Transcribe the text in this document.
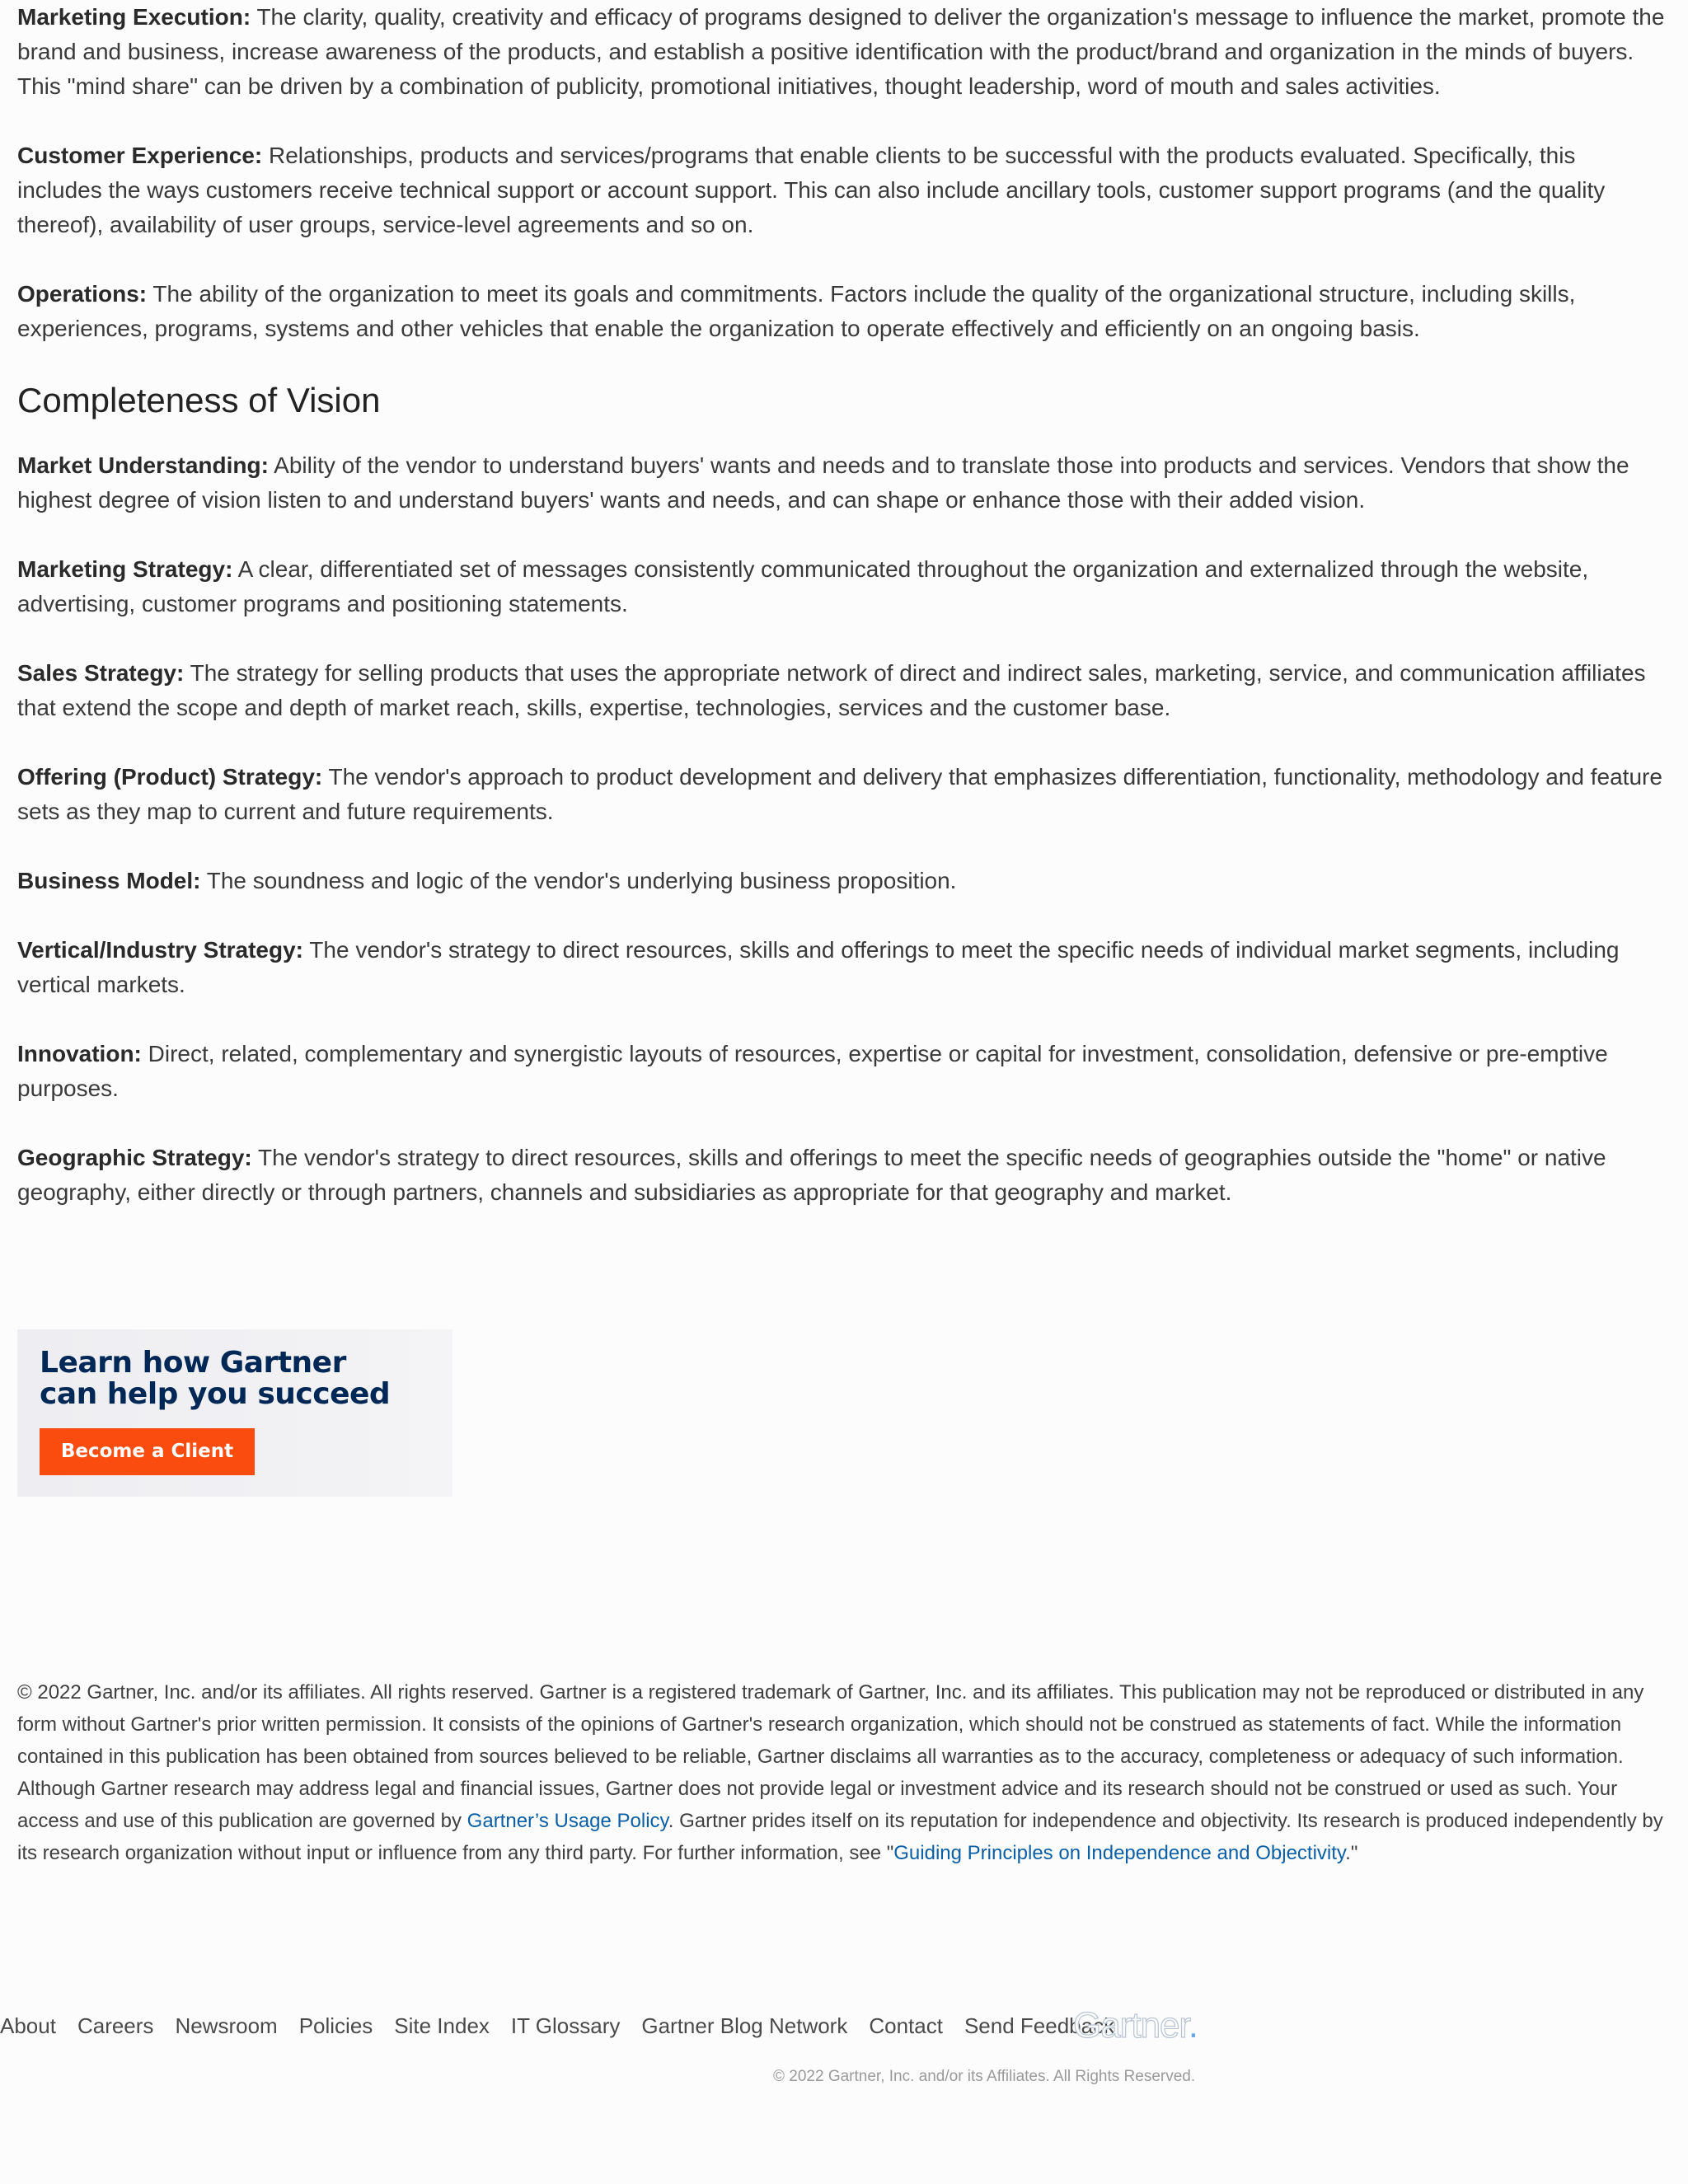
Marketing Execution: The clarity, quality, creativity and efficacy of programs designed to deliver the organization's message to influence the market, promote the brand and business, increase awareness of the products, and establish a positive identification with the product/brand and organization in the minds of buyers. This "mind share" can be driven by a combination of publicity, promotional initiatives, thought leadership, word of mouth and sales activities.

Customer Experience: Relationships, products and services/programs that enable clients to be successful with the products evaluated. Specifically, this includes the ways customers receive technical support or account support. This can also include ancillary tools, customer support programs (and the quality thereof), availability of user groups, service-level agreements and so on.

Operations: The ability of the organization to meet its goals and commitments. Factors include the quality of the organizational structure, including skills, experiences, programs, systems and other vehicles that enable the organization to operate effectively and efficiently on an ongoing basis.

Completeness of Vision

Market Understanding: Ability of the vendor to understand buyers' wants and needs and to translate those into products and services. Vendors that show the highest degree of vision listen to and understand buyers' wants and needs, and can shape or enhance those with their added vision.

Marketing Strategy: A clear, differentiated set of messages consistently communicated throughout the organization and externalized through the website, advertising, customer programs and positioning statements.

Sales Strategy: The strategy for selling products that uses the appropriate network of direct and indirect sales, marketing, service, and communication affiliates that extend the scope and depth of market reach, skills, expertise, technologies, services and the customer base.

Offering (Product) Strategy: The vendor's approach to product development and delivery that emphasizes differentiation, functionality, methodology and feature sets as they map to current and future requirements.

Business Model: The soundness and logic of the vendor's underlying business proposition.

Vertical/Industry Strategy: The vendor's strategy to direct resources, skills and offerings to meet the specific needs of individual market segments, including vertical markets.

Innovation: Direct, related, complementary and synergistic layouts of resources, expertise or capital for investment, consolidation, defensive or pre-emptive purposes.

Geographic Strategy: The vendor's strategy to direct resources, skills and offerings to meet the specific needs of geographies outside the "home" or native geography, either directly or through partners, channels and subsidiaries as appropriate for that geography and market.

Learn how Gartner
can help you succeed
Become a Client

© 2022 Gartner, Inc. and/or its affiliates. All rights reserved. Gartner is a registered trademark of Gartner, Inc. and its affiliates. This publication may not be reproduced or distributed in any form without Gartner's prior written permission. It consists of the opinions of Gartner's research organization, which should not be construed as statements of fact. While the information contained in this publication has been obtained from sources believed to be reliable, Gartner disclaims all warranties as to the accuracy, completeness or adequacy of such information. Although Gartner research may address legal and financial issues, Gartner does not provide legal or investment advice and its research should not be construed or used as such. Your access and use of this publication are governed by Gartner’s Usage Policy. Gartner prides itself on its reputation for independence and objectivity. Its research is produced independently by its research organization without input or influence from any third party. For further information, see "Guiding Principles on Independence and Objectivity."

About Careers Newsroom Policies Site Index IT Glossary Gartner Blog Network Contact Send Feedback
Gartner.
© 2022 Gartner, Inc. and/or its Affiliates. All Rights Reserved.
